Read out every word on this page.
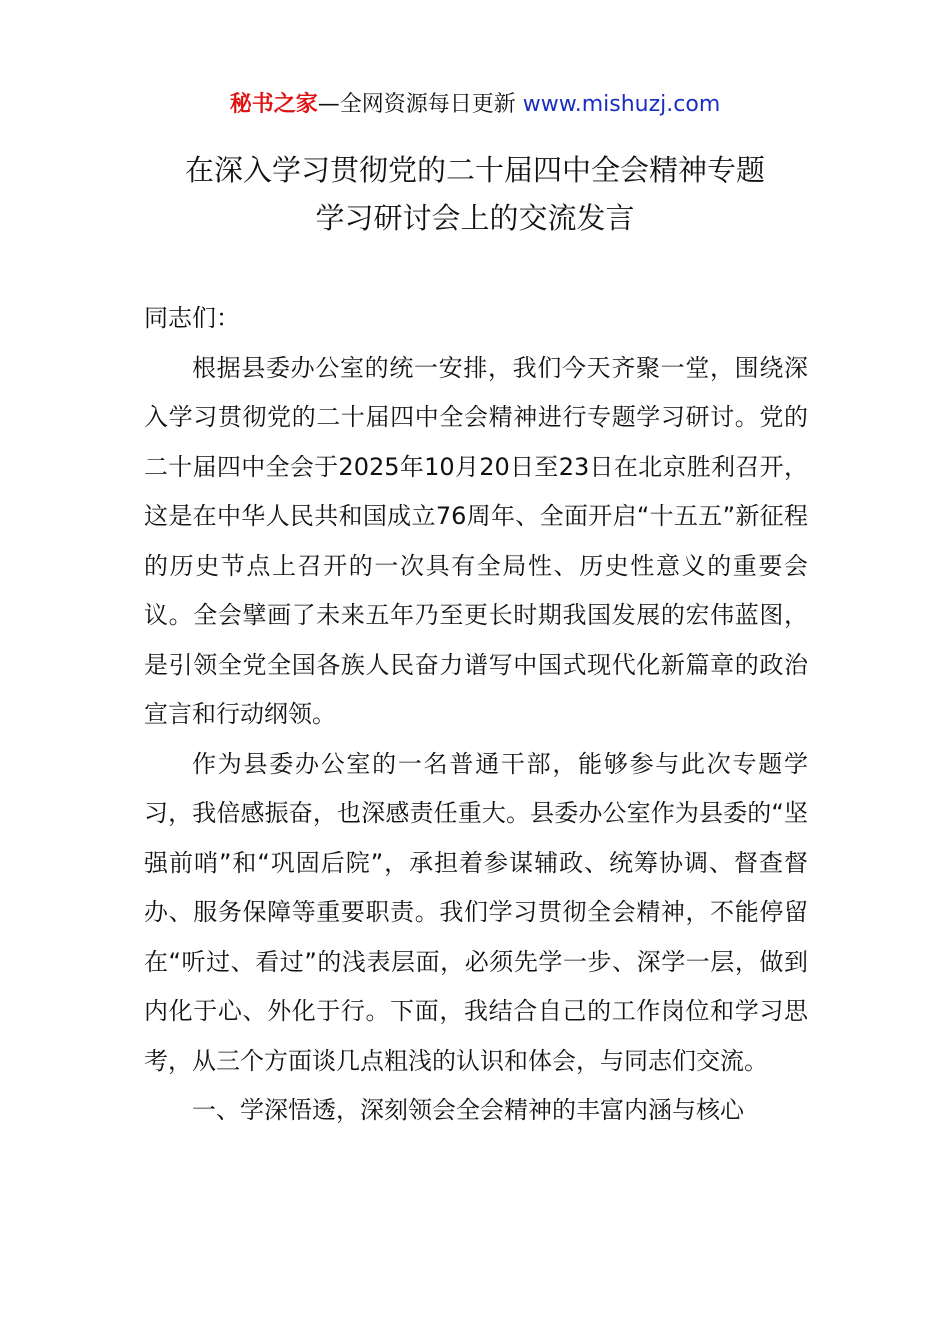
秘书之家—全网资源每日更新 www.mishuzj.com
在深入学习贯彻党的二十届四中全会精神专题
学习研讨会上的交流发言

同志们：

根据县委办公室的统一安排，我们今天齐聚一堂，围绕深入学习贯彻党的二十届四中全会精神进行专题学习研讨。党的二十届四中全会于2025年10月20日至23日在北京胜利召开，这是在中华人民共和国成立76周年、全面开启“十五五”新征程的历史节点上召开的一次具有全局性、历史性意义的重要会议。全会擘画了未来五年乃至更长时期我国发展的宏伟蓝图，是引领全党全国各族人民奋力谱写中国式现代化新篇章的政治宣言和行动纲领。

作为县委办公室的一名普通干部，能够参与此次专题学习，我倍感振奋，也深感责任重大。县委办公室作为县委的“坚强前哨”和“巩固后院”，承担着参谋辅政、统筹协调、督查督办、服务保障等重要职责。我们学习贯彻全会精神，不能停留在“听过、看过”的浅表层面，必须先学一步、深学一层，做到内化于心、外化于行。下面，我结合自己的工作岗位和学习思考，从三个方面谈几点粗浅的认识和体会，与同志们交流。

一、学深悟透，深刻领会全会精神的丰富内涵与核心
